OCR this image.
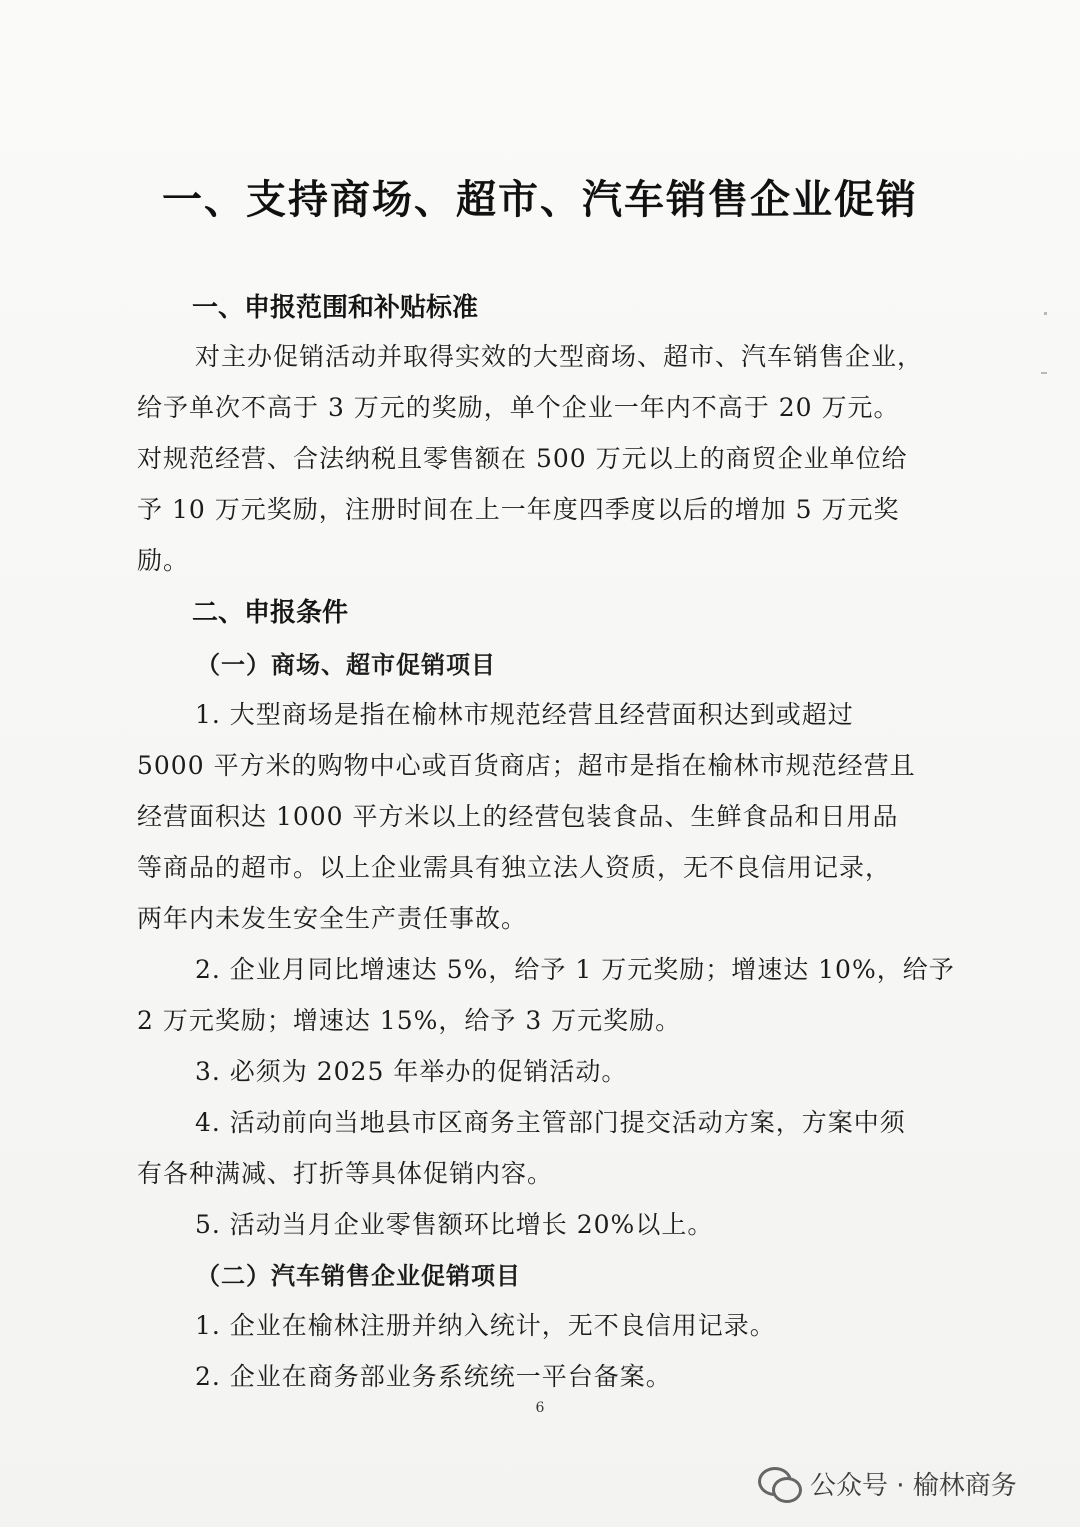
一、支持商场、超市、汽车销售企业促销
一、申报范围和补贴标准
对主办促销活动并取得实效的大型商场、超市、汽车销售企业，
给予单次不高于 3 万元的奖励，单个企业一年内不高于 20 万元。
对规范经营、合法纳税且零售额在 500 万元以上的商贸企业单位给
予 10 万元奖励，注册时间在上一年度四季度以后的增加 5 万元奖
励。
二、申报条件
（一）商场、超市促销项目
1. 大型商场是指在榆林市规范经营且经营面积达到或超过
5000 平方米的购物中心或百货商店；超市是指在榆林市规范经营且
经营面积达 1000 平方米以上的经营包装食品、生鲜食品和日用品
等商品的超市。以上企业需具有独立法人资质，无不良信用记录，
两年内未发生安全生产责任事故。
2. 企业月同比增速达 5%，给予 1 万元奖励；增速达 10%，给予
2 万元奖励；增速达 15%，给予 3 万元奖励。
3. 必须为 2025 年举办的促销活动。
4. 活动前向当地县市区商务主管部门提交活动方案，方案中须
有各种满减、打折等具体促销内容。
5. 活动当月企业零售额环比增长 20%以上。
（二）汽车销售企业促销项目
1. 企业在榆林注册并纳入统计，无不良信用记录。
2. 企业在商务部业务系统统一平台备案。
6
公众号 · 榆林商务
